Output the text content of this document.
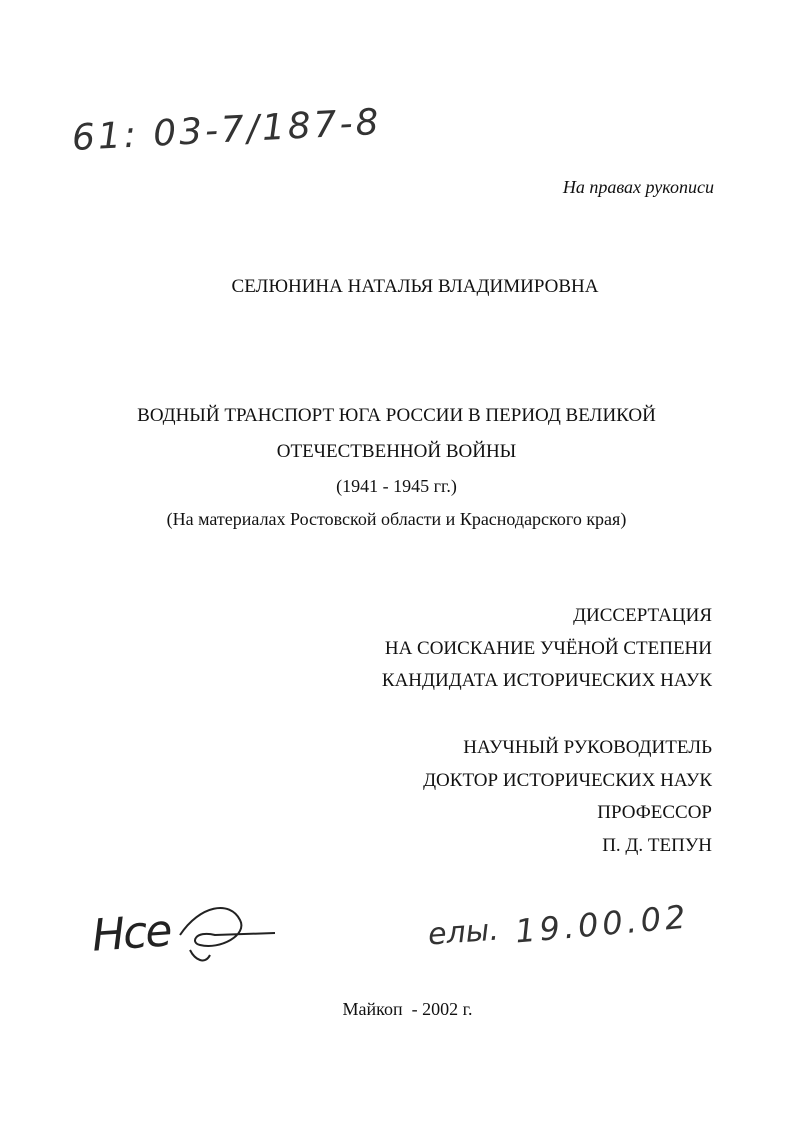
61: 03-7/187-8
На правах рукописи
СЕЛЮНИНА НАТАЛЬЯ ВЛАДИМИРОВНА
ВОДНЫЙ ТРАНСПОРТ ЮГА РОССИИ В ПЕРИОД ВЕЛИКОЙ
ОТЕЧЕСТВЕННОЙ ВОЙНЫ
(1941 - 1945 гг.)
(На материалах Ростовской области и Краснодарского края)
ДИССЕРТАЦИЯ
НА СОИСКАНИЕ УЧЁНОЙ СТЕПЕНИ
КАНДИДАТА ИСТОРИЧЕСКИХ НАУК
НАУЧНЫЙ РУКОВОДИТЕЛЬ
ДОКТОР ИСТОРИЧЕСКИХ НАУК
ПРОФЕССОР
П. Д. ТЕПУН
Нсе	елы. 19.00.02
Майкоп  - 2002 г.
